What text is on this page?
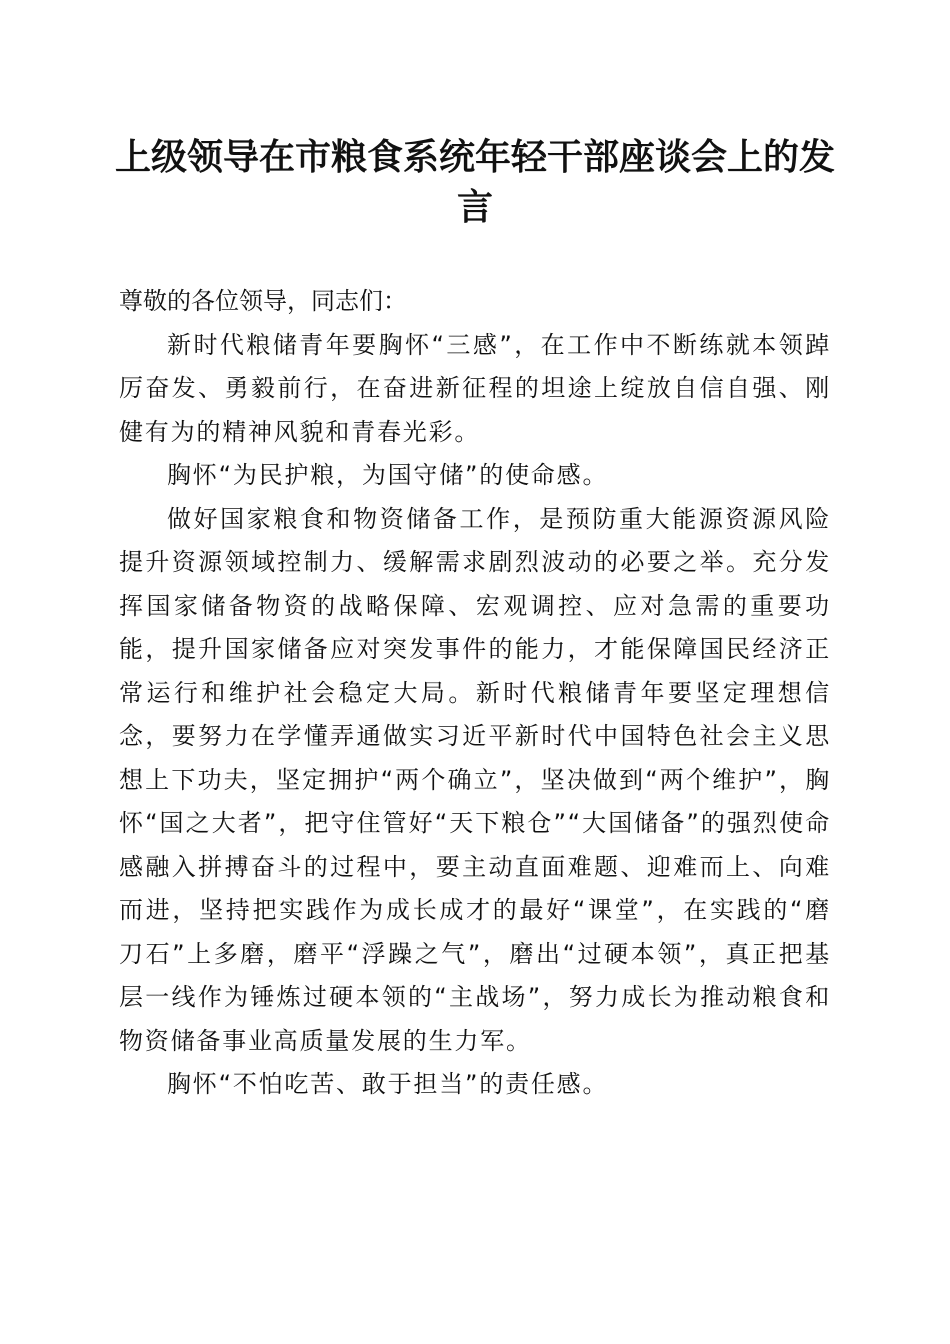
上级领导在市粮食系统年轻干部座谈会上的发言

尊敬的各位领导，同志们：

新时代粮储青年要胸怀“三感”，在工作中不断练就本领踔厉奋发、勇毅前行，在奋进新征程的坦途上绽放自信自强、刚健有为的精神风貌和青春光彩。

胸怀“为民护粮，为国守储”的使命感。

做好国家粮食和物资储备工作，是预防重大能源资源风险提升资源领域控制力、缓解需求剧烈波动的必要之举。充分发挥国家储备物资的战略保障、宏观调控、应对急需的重要功能，提升国家储备应对突发事件的能力，才能保障国民经济正常运行和维护社会稳定大局。新时代粮储青年要坚定理想信念，要努力在学懂弄通做实习近平新时代中国特色社会主义思想上下功夫，坚定拥护“两个确立”，坚决做到“两个维护”，胸怀“国之大者”，把守住管好“天下粮仓”“大国储备”的强烈使命感融入拼搏奋斗的过程中，要主动直面难题、迎难而上、向难而进，坚持把实践作为成长成才的最好“课堂”，在实践的“磨刀石”上多磨，磨平“浮躁之气”，磨出“过硬本领”，真正把基层一线作为锤炼过硬本领的“主战场”，努力成长为推动粮食和物资储备事业高质量发展的生力军。

胸怀“不怕吃苦、敢于担当”的责任感。
